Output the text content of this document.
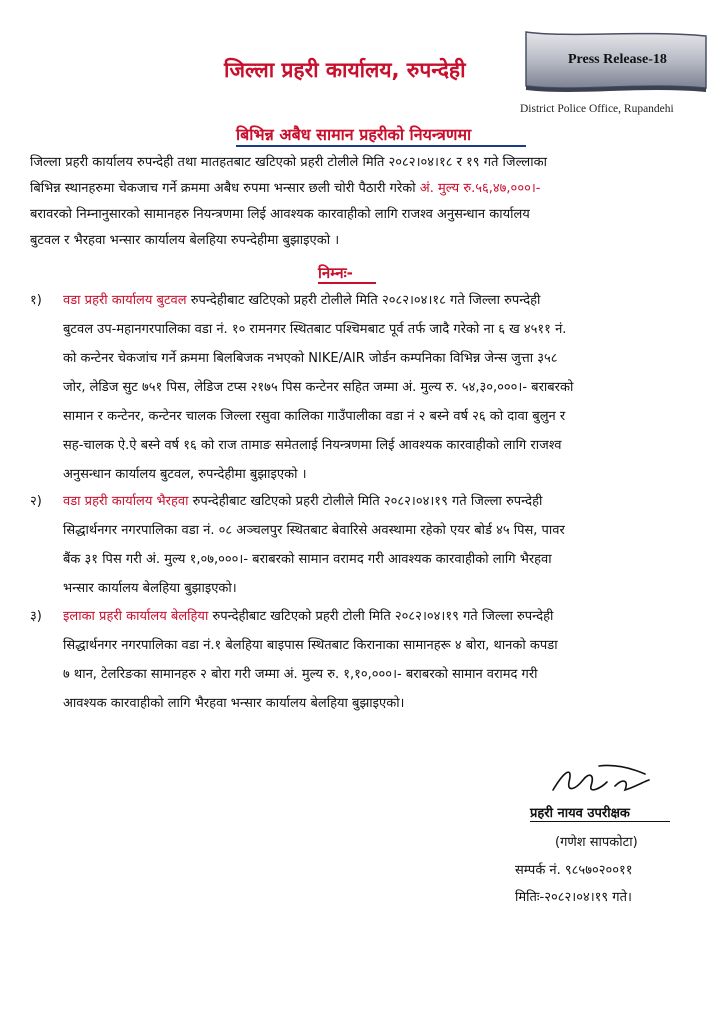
Press Release-18
जिल्ला प्रहरी कार्यालय, रुपन्देही
District Police Office, Rupandehi
बिभिन्न अबैध सामान प्रहरीको नियन्त्रणमा
जिल्ला प्रहरी कार्यालय रुपन्देही तथा मातहतबाट खटिएको प्रहरी टोलीले मिति २०८२।०४।१८ र १९ गते जिल्लाका
बिभिन्न स्थानहरुमा चेकजाच गर्ने क्रममा अबैध रुपमा भन्सार छली चोरी पैठारी गरेको अं. मुल्य रु.५६,४७,०००।-
बरावरको निम्नानुसारको सामानहरु नियन्त्रणमा लिई आवश्यक कारवाहीको लागि राजश्व अनुसन्धान कार्यालय
बुटवल र भैरहवा भन्सार कार्यालय बेलहिया रुपन्देहीमा बुझाइएको ।
निम्नः-
१) वडा प्रहरी कार्यालय बुटवल रुपन्देहीबाट खटिएको प्रहरी टोलीले मिति २०८२।०४।१८ गते जिल्ला रुपन्देही
बुटवल उप-महानगरपालिका वडा नं. १० रामनगर स्थितबाट पश्चिमबाट पूर्व तर्फ जादै गरेको ना ६ ख ४५११ नं.
को कन्टेनर चेकजांच गर्ने क्रममा बिलबिजक नभएको NIKE/AIR जोर्डन कम्पनिका विभिन्न जेन्स जुत्ता ३५८
जोर, लेडिज सुट ७५१ पिस, लेडिज टप्स २१७५ पिस कन्टेनर सहित जम्मा अं. मुल्य रु. ५४,३०,०००।- बराबरको
सामान र कन्टेनर, कन्टेनर चालक जिल्ला रसुवा कालिका गाउँपालीका वडा नं २ बस्ने वर्ष २६ को दावा बुलुन र
सह-चालक ऐ.ऐ बस्ने वर्ष १६ को राज तामाङ समेतलाई नियन्त्रणमा लिई आवश्यक कारवाहीको लागि राजश्व
अनुसन्धान कार्यालय बुटवल, रुपन्देहीमा बुझाइएको ।
२) वडा प्रहरी कार्यालय भैरहवा रुपन्देहीबाट खटिएको प्रहरी टोलीले मिति २०८२।०४।१९ गते जिल्ला रुपन्देही
सिद्धार्थनगर नगरपालिका वडा नं. ०८ अञ्चलपुर स्थितबाट बेवारिसे अवस्थामा रहेको एयर बोर्ड ४५ पिस, पावर
बैंक ३१ पिस गरी अं. मुल्य १,०७,०००।- बराबरको सामान वरामद गरी आवश्यक कारवाहीको लागि भैरहवा
भन्सार कार्यालय बेलहिया बुझाइएको।
३) इलाका प्रहरी कार्यालय बेलहिया रुपन्देहीबाट खटिएको प्रहरी टोली मिति २०८२।०४।१९ गते जिल्ला रुपन्देही
सिद्धार्थनगर नगरपालिका वडा नं.१ बेलहिया बाइपास स्थितबाट किरानाका सामानहरू ४ बोरा, थानको कपडा
७ थान, टेलरिङका सामानहरु २ बोरा गरी जम्मा अं. मुल्य रु. १,१०,०००।- बराबरको सामान वरामद गरी
आवश्यक कारवाहीको लागि भैरहवा भन्सार कार्यालय बेलहिया बुझाइएको।
प्रहरी नायव उपरीक्षक
(गणेश सापकोटा)
सम्पर्क नं. ९८५७०२००११
मितिः-२०८२।०४।१९ गते।
